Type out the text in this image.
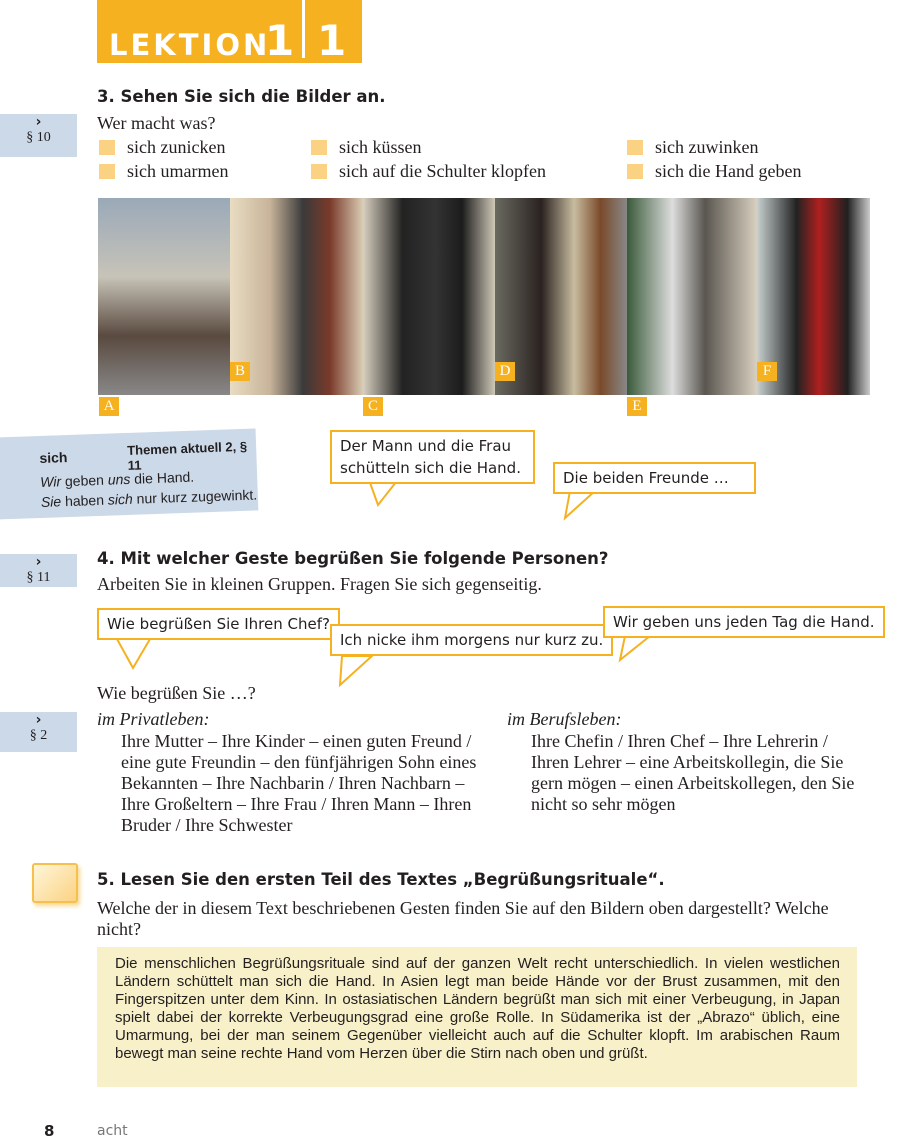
LEKTION
1 1
3. Sehen Sie sich die Bilder an.
›
§ 10
Wer macht was?
sich zunicken
sich umarmen
sich küssen
sich auf die Schulter klopfen
sich zuwinken
sich die Hand geben
A
B
C
D
E
F
sich	Themen aktuell 2, § 11
Wir geben uns die Hand.
Sie haben sich nur kurz zugewinkt.
Der Mann und die Frau schütteln sich die Hand.
Die beiden Freunde …
›
§ 11
4. Mit welcher Geste begrüßen Sie folgende Personen?
Arbeiten Sie in kleinen Gruppen. Fragen Sie sich gegenseitig.
Wie begrüßen Sie Ihren Chef?
Ich nicke ihm morgens nur kurz zu.
Wir geben uns jeden Tag die Hand.
Wie begrüßen Sie …?
›
§ 2
im Privatleben:
Ihre Mutter – Ihre Kinder – einen guten Freund / eine gute Freundin – den fünfjährigen Sohn eines Bekannten – Ihre Nachbarin / Ihren Nachbarn – Ihre Großeltern – Ihre Frau / Ihren Mann – Ihren Bruder / Ihre Schwester
im Berufsleben:
Ihre Chefin / Ihren Chef – Ihre Lehrerin / Ihren Lehrer – eine Arbeitskollegin, die Sie gern mögen – einen Arbeitskollegen, den Sie nicht so sehr mögen
5. Lesen Sie den ersten Teil des Textes „Begrüßungsrituale“.
Welche der in diesem Text beschriebenen Gesten finden Sie auf den Bildern oben dargestellt? Welche nicht?
Die menschlichen Begrüßungsrituale sind auf der ganzen Welt recht unterschiedlich. In vielen westlichen Ländern schüttelt man sich die Hand. In Asien legt man beide Hände vor der Brust zusammen, mit den Fingerspitzen unter dem Kinn. In ostasiatischen Ländern begrüßt man sich mit einer Verbeugung, in Japan spielt dabei der korrekte Verbeugungsgrad eine große Rolle. In Südamerika ist der „Abrazo“ üblich, eine Umarmung, bei der man seinem Gegenüber vielleicht auch auf die Schulter klopft. Im arabischen Raum bewegt man seine rechte Hand vom Herzen über die Stirn nach oben und grüßt.
8	acht
